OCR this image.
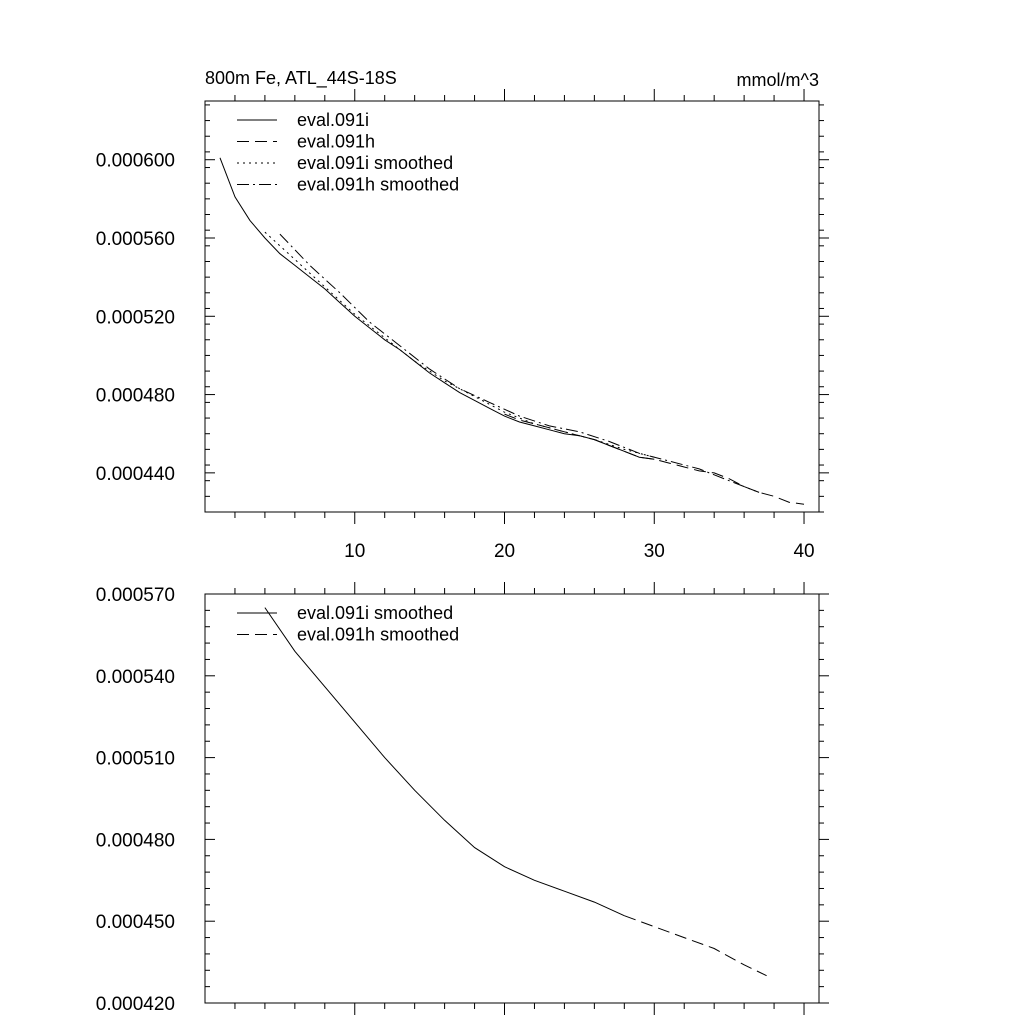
0.000440
0.000480
0.000520
0.000560
0.000600
10	20	30	40
800m Fe, ATL_44S-18S	mmol/m^3
eval.091i
eval.091h
eval.091i smoothed
eval.091h smoothed
0.000420
0.000450
0.000480
0.000510
0.000540
0.000570
eval.091i smoothed
eval.091h smoothed
